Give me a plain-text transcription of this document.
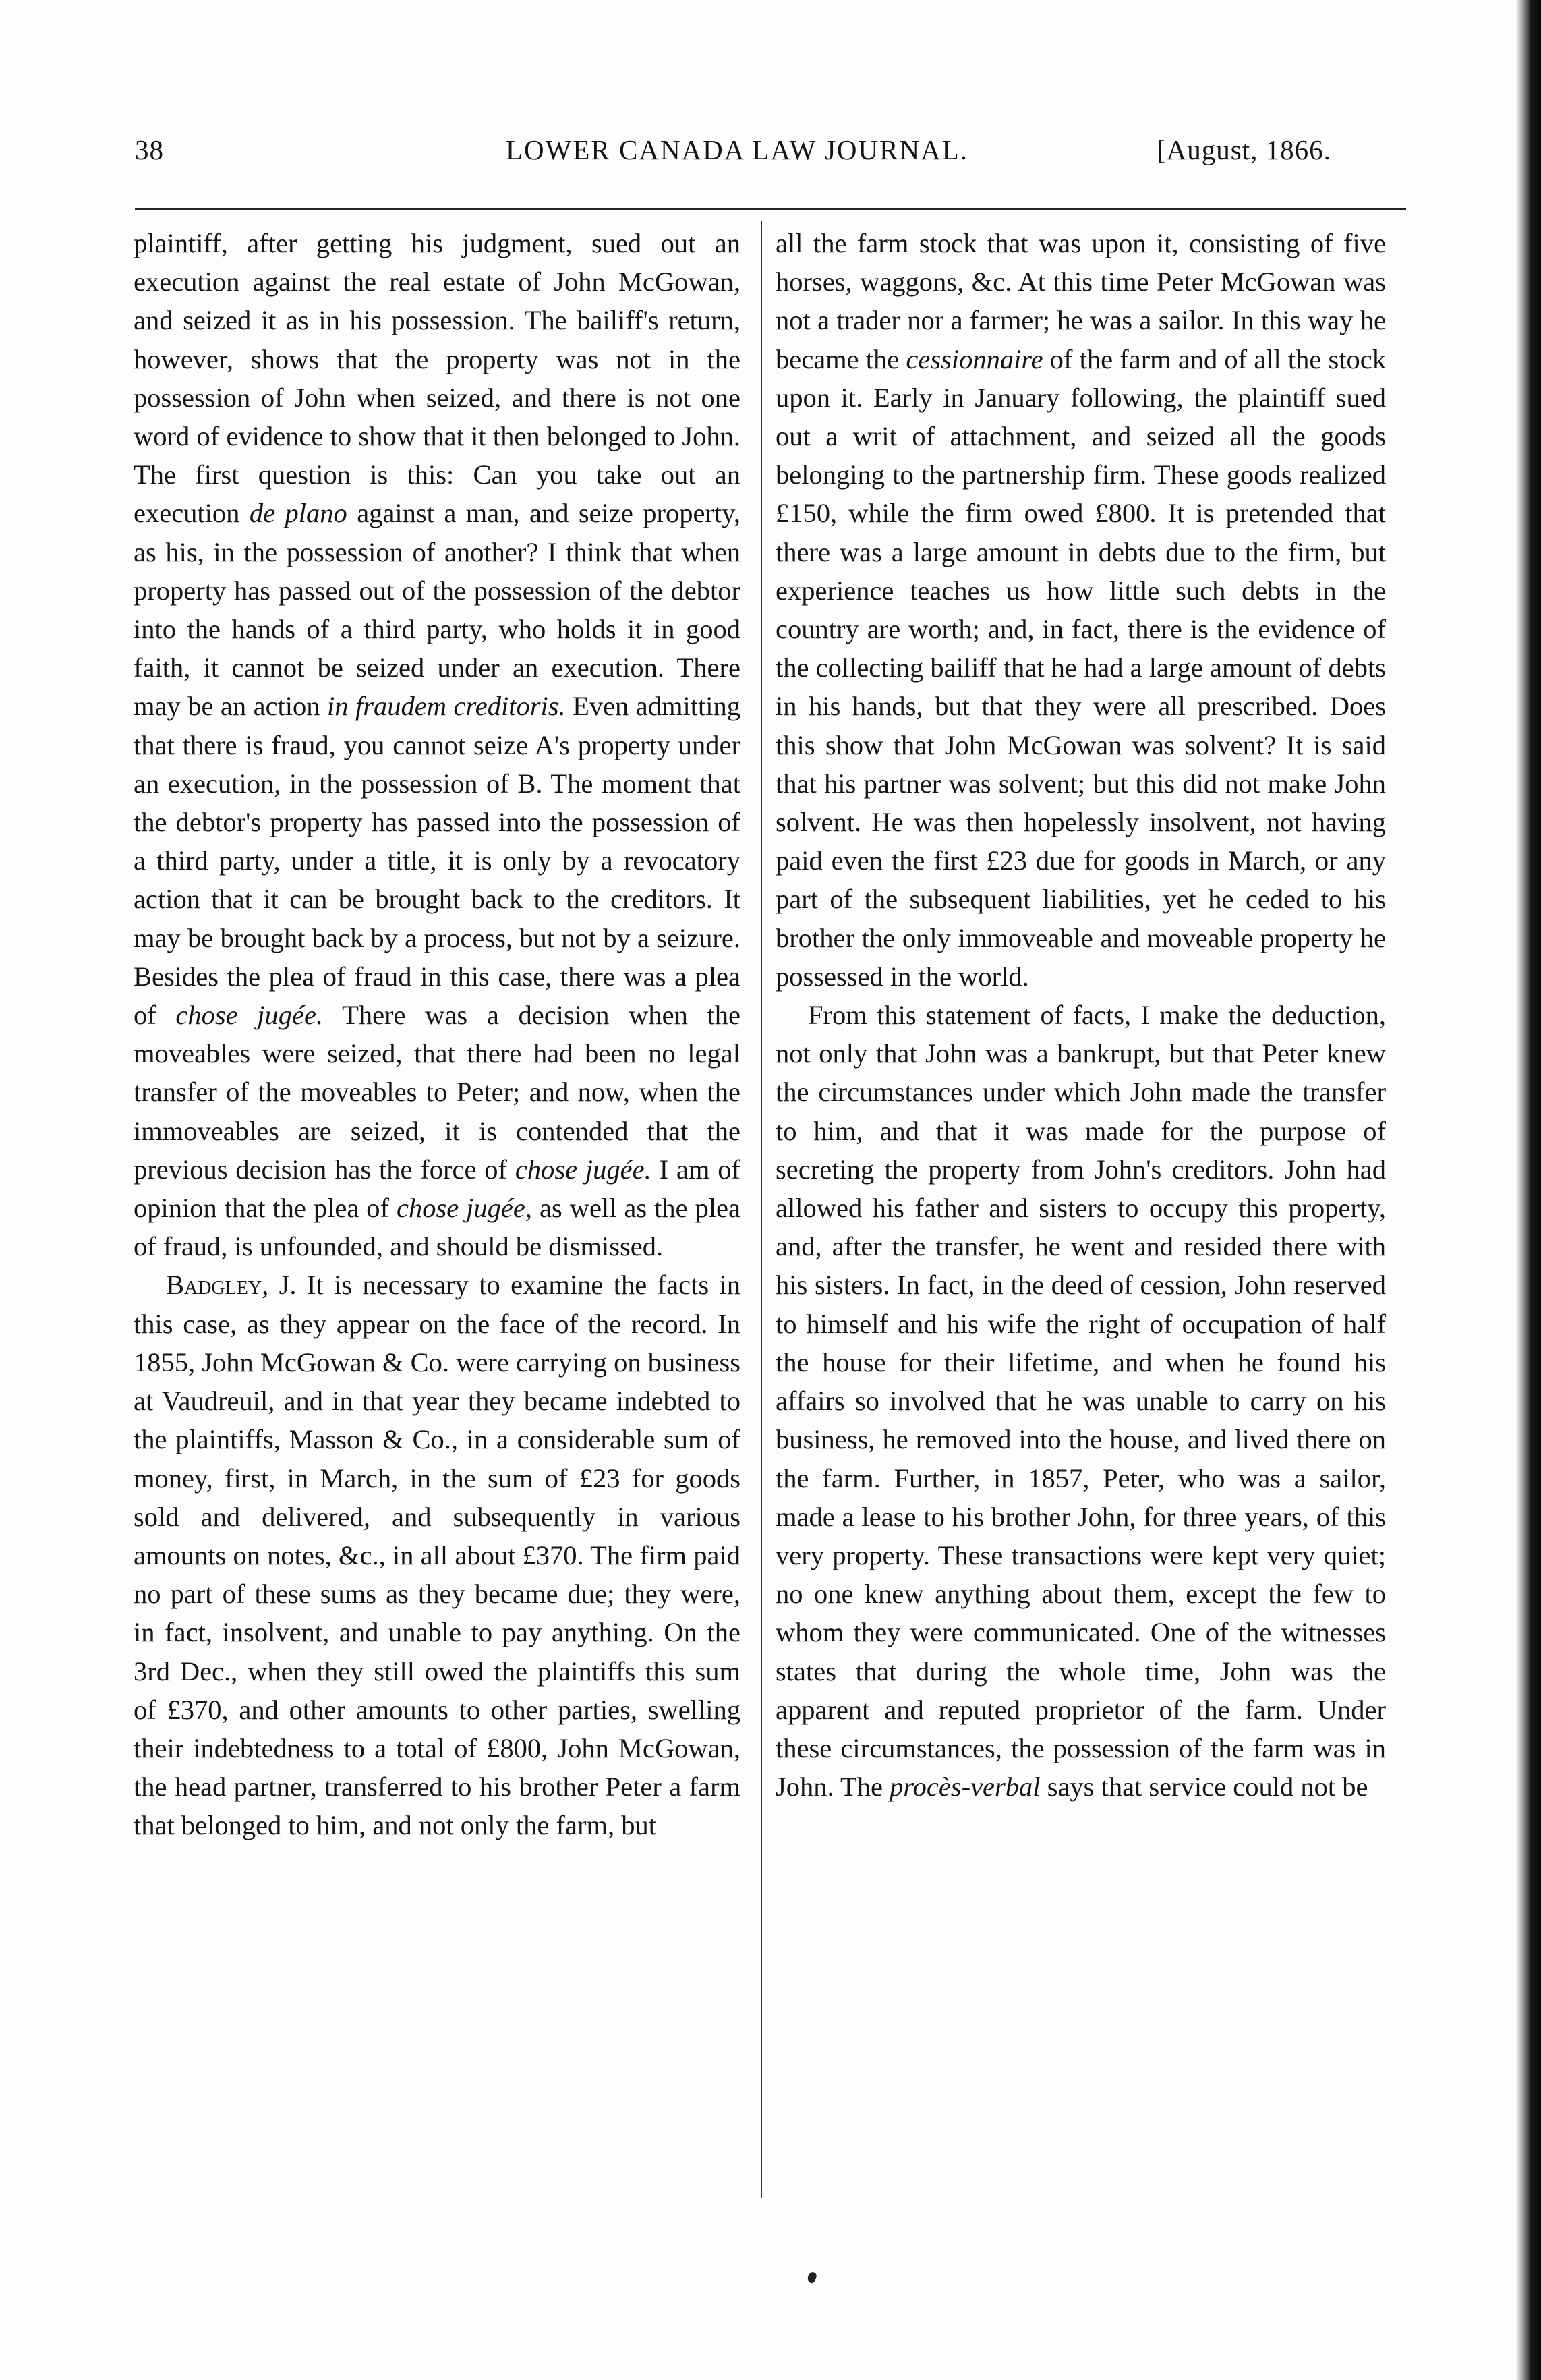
38	LOWER CANADA LAW JOURNAL.	[August, 1866.

plaintiff, after getting his judgment, sued out an execution against the real estate of John McGowan, and seized it as in his possession. The bailiff's return, however, shows that the property was not in the possession of John when seized, and there is not one word of evidence to show that it then belonged to John. The first question is this: Can you take out an execution de plano against a man, and seize property, as his, in the possession of another? I think that when property has passed out of the possession of the debtor into the hands of a third party, who holds it in good faith, it cannot be seized under an execution. There may be an action in fraudem creditoris. Even admitting that there is fraud, you cannot seize A's property under an execution, in the possession of B. The moment that the debtor's property has passed into the possession of a third party, under a title, it is only by a revocatory action that it can be brought back to the creditors. It may be brought back by a process, but not by a seizure. Besides the plea of fraud in this case, there was a plea of chose jugée. There was a decision when the moveables were seized, that there had been no legal transfer of the moveables to Peter; and now, when the immoveables are seized, it is contended that the previous decision has the force of chose jugée. I am of opinion that the plea of chose jugée, as well as the plea of fraud, is unfounded, and should be dismissed.

Badgley, J. It is necessary to examine the facts in this case, as they appear on the face of the record. In 1855, John McGowan & Co. were carrying on business at Vaudreuil, and in that year they became indebted to the plaintiffs, Masson & Co., in a considerable sum of money, first, in March, in the sum of £23 for goods sold and delivered, and subsequently in various amounts on notes, &c., in all about £370. The firm paid no part of these sums as they became due; they were, in fact, insolvent, and unable to pay anything. On the 3rd Dec., when they still owed the plaintiffs this sum of £370, and other amounts to other parties, swelling their indebtedness to a total of £800, John McGowan, the head partner, transferred to his brother Peter a farm that belonged to him, and not only the farm, but

all the farm stock that was upon it, consisting of five horses, waggons, &c. At this time Peter McGowan was not a trader nor a farmer; he was a sailor. In this way he became the cessionnaire of the farm and of all the stock upon it. Early in January following, the plaintiff sued out a writ of attachment, and seized all the goods belonging to the partnership firm. These goods realized £150, while the firm owed £800. It is pretended that there was a large amount in debts due to the firm, but experience teaches us how little such debts in the country are worth; and, in fact, there is the evidence of the collecting bailiff that he had a large amount of debts in his hands, but that they were all prescribed. Does this show that John McGowan was solvent? It is said that his partner was solvent; but this did not make John solvent. He was then hopelessly insolvent, not having paid even the first £23 due for goods in March, or any part of the subsequent liabilities, yet he ceded to his brother the only immoveable and moveable property he possessed in the world.

From this statement of facts, I make the deduction, not only that John was a bankrupt, but that Peter knew the circumstances under which John made the transfer to him, and that it was made for the purpose of secreting the property from John's creditors. John had allowed his father and sisters to occupy this property, and, after the transfer, he went and resided there with his sisters. In fact, in the deed of cession, John reserved to himself and his wife the right of occupation of half the house for their lifetime, and when he found his affairs so involved that he was unable to carry on his business, he removed into the house, and lived there on the farm. Further, in 1857, Peter, who was a sailor, made a lease to his brother John, for three years, of this very property. These transactions were kept very quiet; no one knew anything about them, except the few to whom they were communicated. One of the witnesses states that during the whole time, John was the apparent and reputed proprietor of the farm. Under these circumstances, the possession of the farm was in John. The procès-verbal says that service could not be
